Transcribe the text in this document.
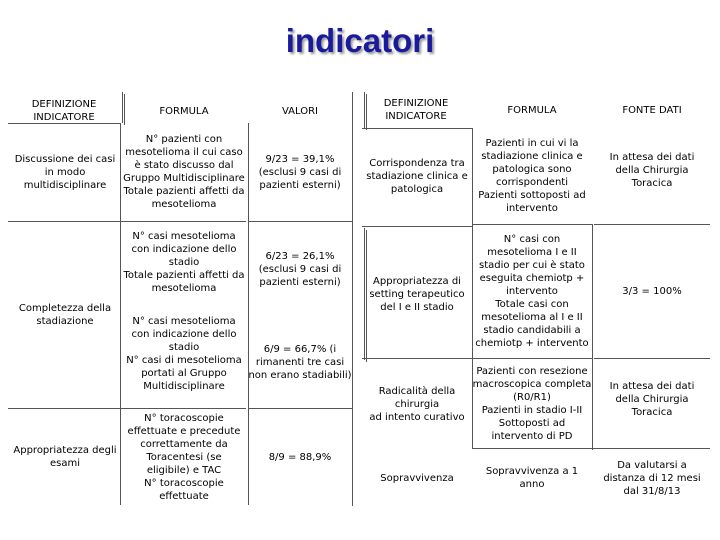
indicatori
DEFINIZIONE
INDICATORE
FORMULA	VALORI
Discussione dei casi
in modo
multidisciplinare
N° pazienti con
mesotelioma il cui caso
è stato discusso dal
Gruppo Multidisciplinare
Totale pazienti affetti da
mesotelioma
9/23 = 39,1%
(esclusi 9 casi di
pazienti esterni)
Completezza della
stadiazione
N° casi mesotelioma
con indicazione dello
stadio
Totale pazienti affetti da
mesotelioma
6/23 = 26,1%
(esclusi 9 casi di
pazienti esterni)
N° casi mesotelioma
con indicazione dello
stadio
N° casi di mesotelioma
portati al Gruppo
Multidisciplinare
6/9 = 66,7% (i
rimanenti tre casi
non erano stadiabili)
Appropriatezza degli
esami
N° toracoscopie
effettuate e precedute
correttamente da
Toracentesi (se
eligibile) e TAC
N° toracoscopie
effettuate
8/9 = 88,9%
DEFINIZIONE
INDICATORE
FORMULA	FONTE DATI
Corrispondenza tra
stadiazione clinica e
patologica
Pazienti in cui vi la
stadiazione clinica e
patologica sono
corrispondenti
Pazienti sottoposti ad
intervento
In attesa dei dati
della Chirurgia
Toracica
Appropriatezza di
setting terapeutico
del I e II stadio
N° casi con
mesotelioma I e II
stadio per cui è stato
eseguita chemiotp +
intervento
Totale casi con
mesotelioma al I e II
stadio candidabili a
chemiotp + intervento
3/3 = 100%
Radicalità della
chirurgia
ad intento curativo
Pazienti con resezione
macroscopica completa
(R0/R1)
Pazienti in stadio I-II
Sottoposti ad
intervento di PD
In attesa dei dati
della Chirurgia
Toracica
Sopravvivenza
Sopravvivenza a 1 anno
Da valutarsi a
distanza di 12 mesi
dal 31/8/13
